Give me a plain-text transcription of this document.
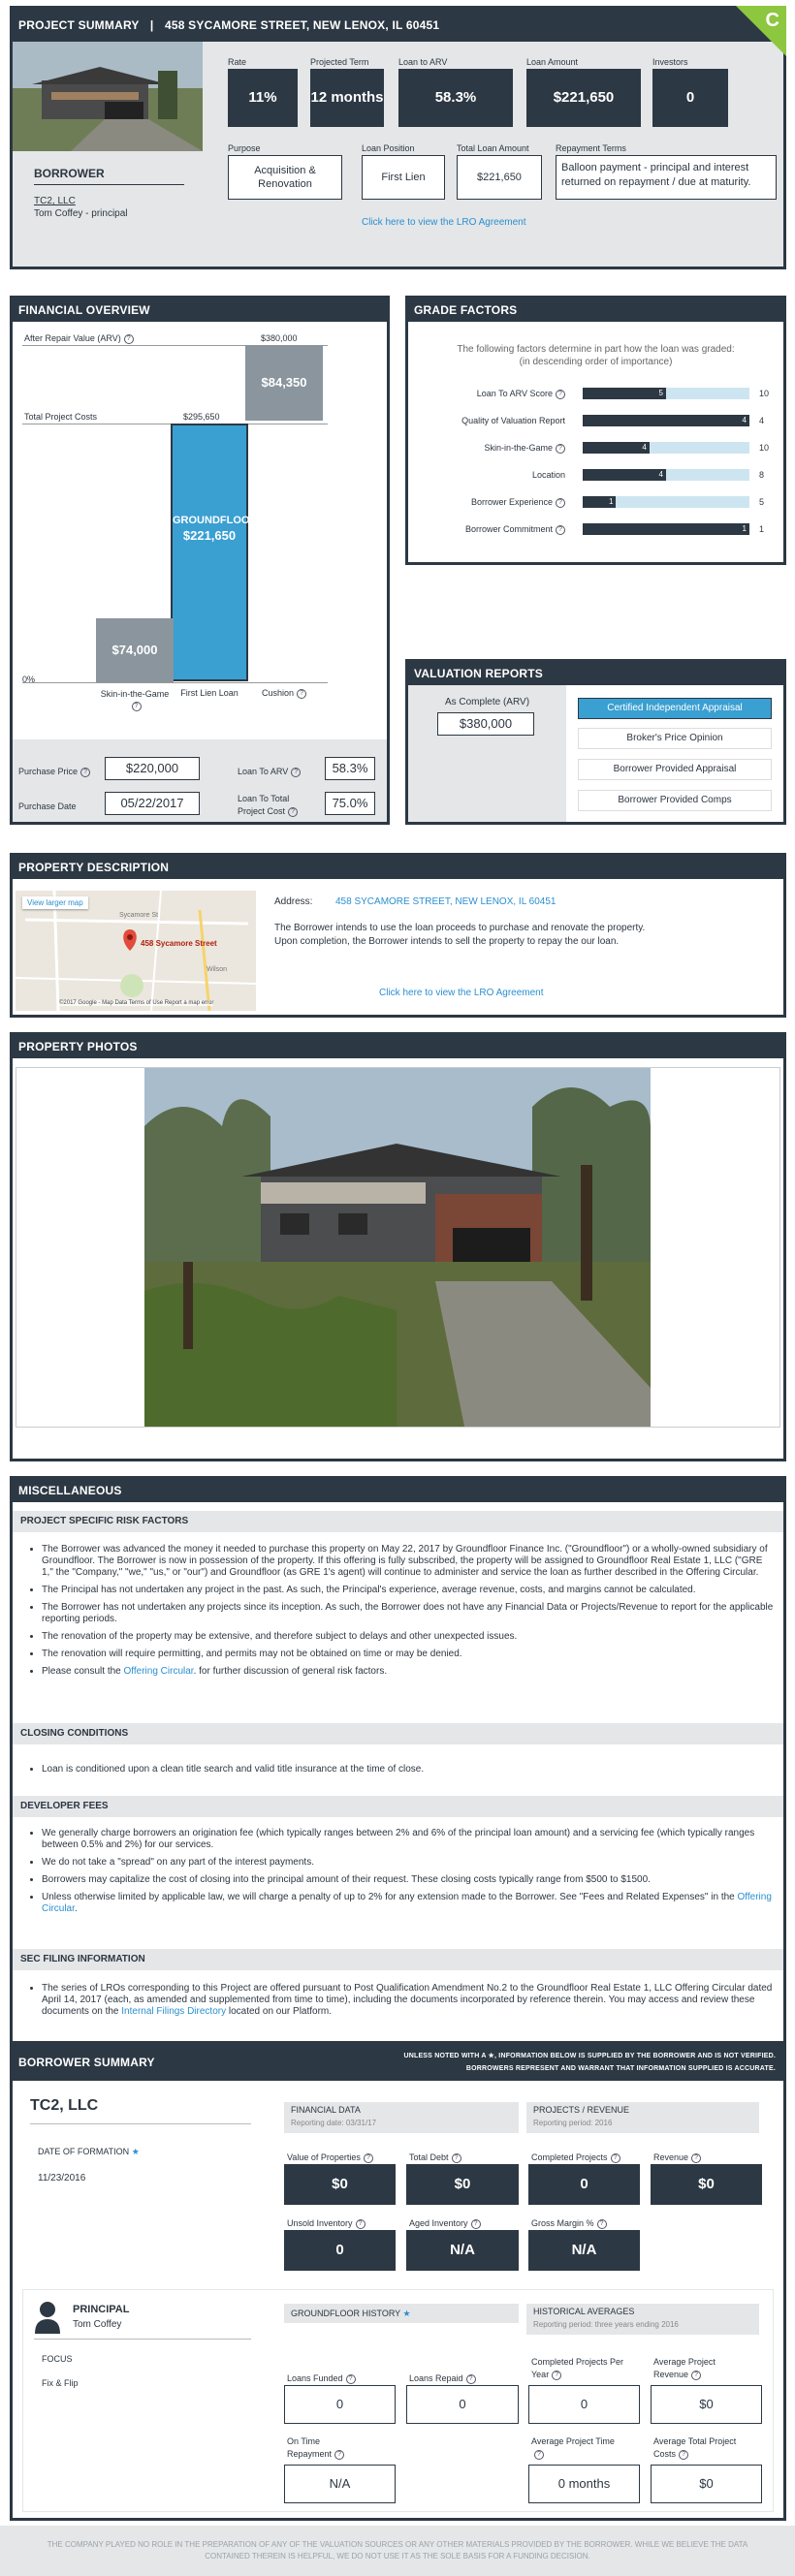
PROJECT SUMMARY | 458 SYCAMORE STREET, NEW LENOX, IL 60451	C
BORROWER
TC2, LLC
Tom Coffey - principal
Rate
11%
Projected Term
12 months
Loan to ARV
58.3%
Loan Amount
$221,650
Investors
0
Purpose
Acquisition & Renovation
Loan Position
First Lien
Total Loan Amount
$221,650
Repayment Terms
Balloon payment - principal and interest returned on repayment / due at maturity.
Click here to view the LRO Agreement
FINANCIAL OVERVIEW
After Repair Value (ARV) ?
Total Project Costs
0%
$380,000
$84,350
$295,650
GROUNDFLOOR
$221,650
$74,000
Skin-in-the-Game?
First Lien Loan	Cushion ?
Purchase Price ?	$220,000
Purchase Date	05/22/2017
Loan To ARV ?	58.3%
Loan To Total Project Cost ?
75.0%
GRADE FACTORS
The following factors determine in part how the loan was graded:
(in descending order of importance)
Loan To ARV Score ?	5	10
Quality of Valuation Report	4	4
Skin-in-the-Game ?	4	10
Location	4	8
Borrower Experience ?	1	5
Borrower Commitment ?	1	1
VALUATION REPORTS
As Complete (ARV)
$380,000
Certified Independent Appraisal
Broker's Price Opinion
Borrower Provided Appraisal
Borrower Provided Comps
PROPERTY DESCRIPTION
View larger map
Sycamore St
458 Sycamore Street
Wilson
©2017 Google - Map Data Terms of Use Report a map error
Address: 458 SYCAMORE STREET, NEW LENOX, IL 60451
The Borrower intends to use the loan proceeds to purchase and renovate the property. Upon completion, the Borrower intends to sell the property to repay the our loan.
Click here to view the LRO Agreement
PROPERTY PHOTOS
MISCELLANEOUS
PROJECT SPECIFIC RISK FACTORS
• The Borrower was advanced the money it needed to purchase this property on May 22, 2017 by Groundfloor Finance Inc. ("Groundfloor") or a wholly-owned subsidiary of Groundfloor. The Borrower is now in possession of the property. If this offering is fully subscribed, the property will be assigned to Groundfloor Real Estate 1, LLC ("GRE 1," the "Company," "we," "us," or "our") and Groundfloor (as GRE 1's agent) will continue to administer and service the loan as further described in the Offering Circular.
• The Principal has not undertaken any project in the past. As such, the Principal's experience, average revenue, costs, and margins cannot be calculated.
• The Borrower has not undertaken any projects since its inception. As such, the Borrower does not have any Financial Data or Projects/Revenue to report for the applicable reporting periods.
• The renovation of the property may be extensive, and therefore subject to delays and other unexpected issues.
• The renovation will require permitting, and permits may not be obtained on time or may be denied.
• Please consult the Offering Circular. for further discussion of general risk factors.
CLOSING CONDITIONS
• Loan is conditioned upon a clean title search and valid title insurance at the time of close.
DEVELOPER FEES
• We generally charge borrowers an origination fee (which typically ranges between 2% and 6% of the principal loan amount) and a servicing fee (which typically ranges between 0.5% and 2%) for our services.
• We do not take a "spread" on any part of the interest payments.
• Borrowers may capitalize the cost of closing into the principal amount of their request. These closing costs typically range from $500 to $1500.
• Unless otherwise limited by applicable law, we will charge a penalty of up to 2% for any extension made to the Borrower. See "Fees and Related Expenses" in the Offering Circular.
SEC FILING INFORMATION
• The series of LROs corresponding to this Project are offered pursuant to Post Qualification Amendment No.2 to the Groundfloor Real Estate 1, LLC Offering Circular dated April 14, 2017 (each, as amended and supplemented from time to time), including the documents incorporated by reference therein. You may access and review these documents on the Internal Filings Directory located on our Platform.
BORROWER SUMMARY	UNLESS NOTED WITH A ★, INFORMATION BELOW IS SUPPLIED BY THE BORROWER AND IS NOT VERIFIED.
BORROWERS REPRESENT AND WARRANT THAT INFORMATION SUPPLIED IS ACCURATE.
TC2, LLC
DATE OF FORMATION ★
11/23/2016
FINANCIAL DATA
Reporting date: 03/31/17
PROJECTS / REVENUE
Reporting period: 2016
Value of Properties ?
$0
Total Debt ?
$0
Completed Projects ?
0
Revenue ?
$0
Unsold Inventory ?
0
Aged Inventory ?
N/A
Gross Margin % ?
N/A
PRINCIPAL
Tom Coffey
FOCUS
Fix & Flip
GROUNDFLOOR HISTORY ★	HISTORICAL AVERAGES
Reporting period: three years ending 2016
Loans Funded ?
0
Loans Repaid ?
0
Completed Projects Per Year ?
0
Average Project Revenue ?
$0
On Time Repayment ?
N/A
Average Project Time?
0 months
Average Total Project Costs ?
$0
THE COMPANY PLAYED NO ROLE IN THE PREPARATION OF ANY OF THE VALUATION SOURCES OR ANY OTHER MATERIALS PROVIDED BY THE BORROWER. WHILE WE BELIEVE THE DATA
CONTAINED THEREIN IS HELPFUL, WE DO NOT USE IT AS THE SOLE BASIS FOR A FUNDING DECISION.
